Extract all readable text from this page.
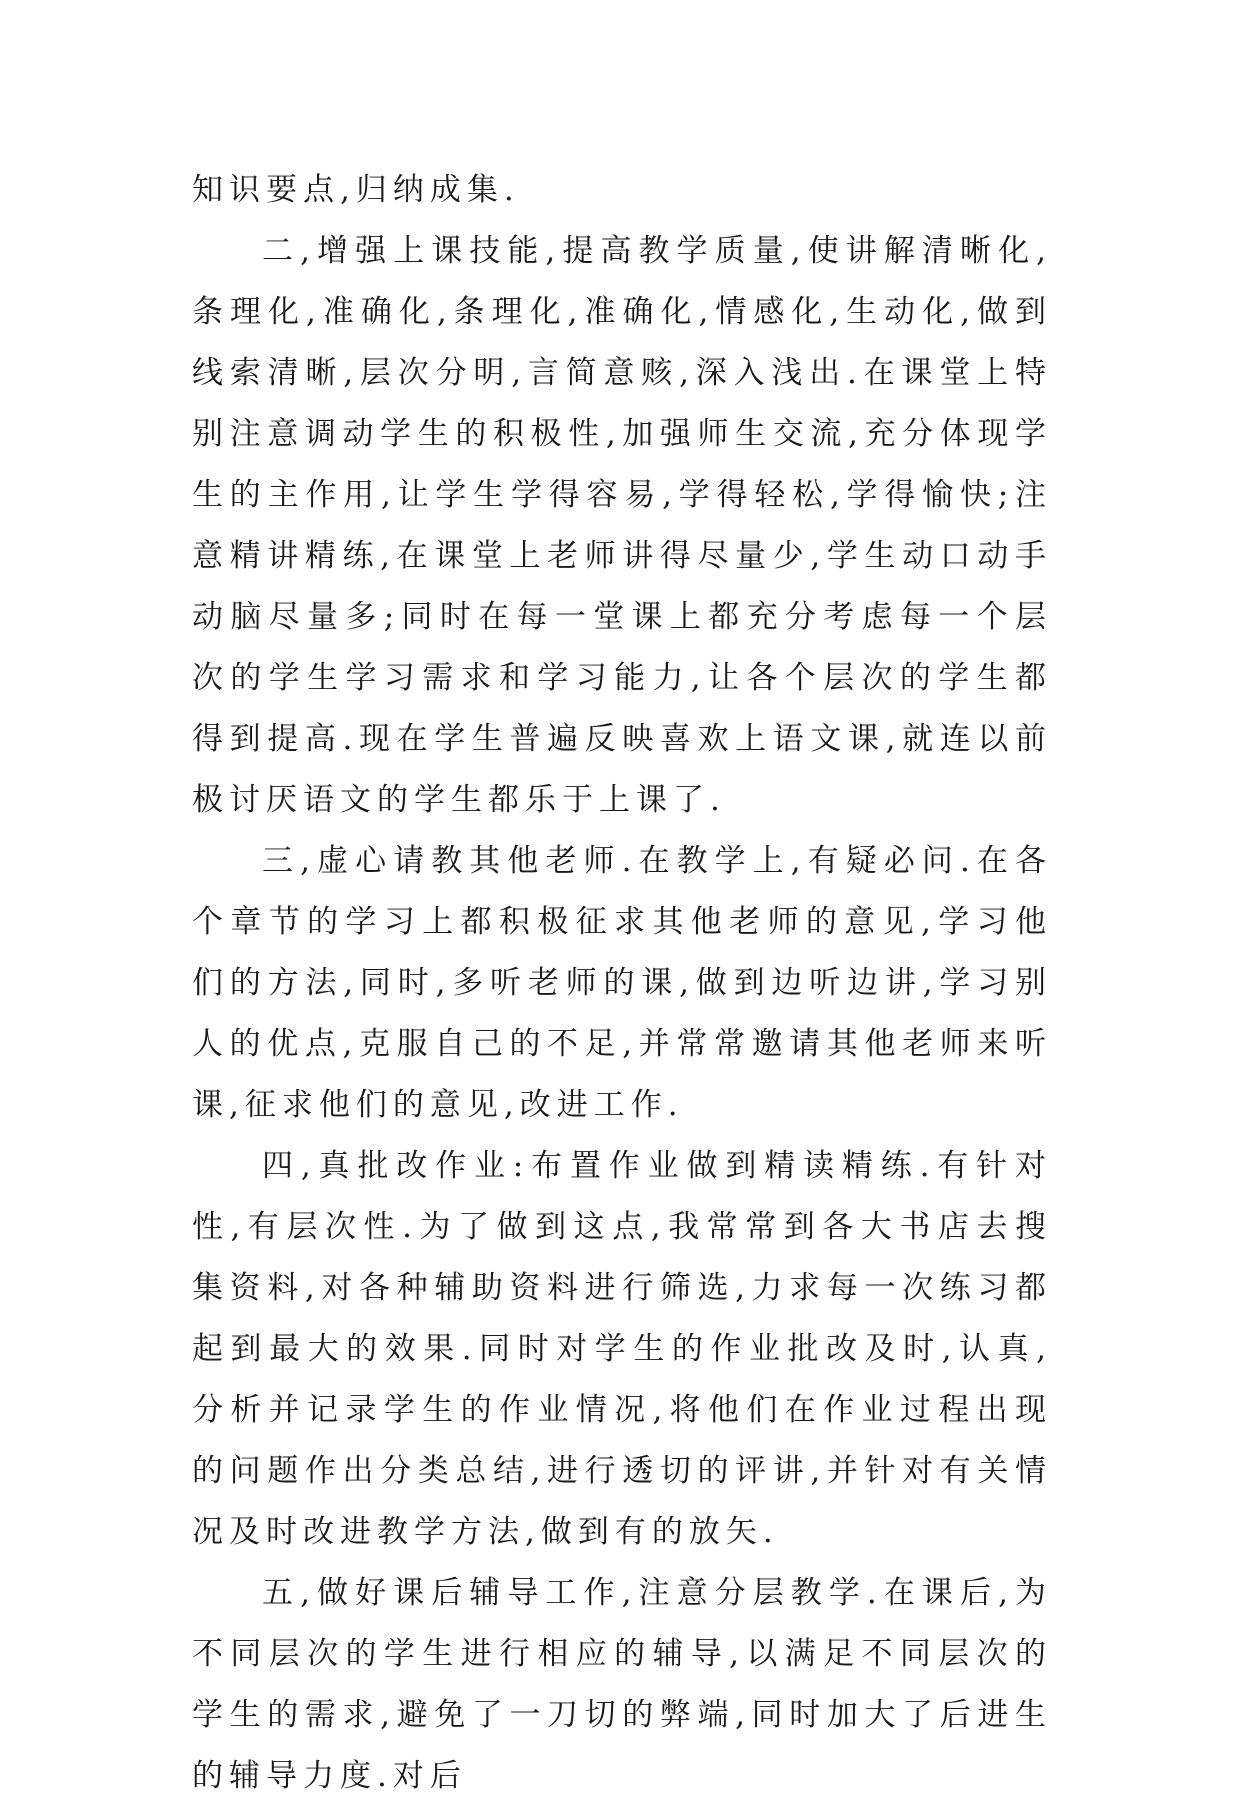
知识要点,归纳成集.

二,增强上课技能,提高教学质量,使讲解清晰化,条理化,准确化,条理化,准确化,情感化,生动化,做到线索清晰,层次分明,言简意赅,深入浅出.在课堂上特别注意调动学生的积极性,加强师生交流,充分体现学生的主作用,让学生学得容易,学得轻松,学得愉快;注意精讲精练,在课堂上老师讲得尽量少,学生动口动手动脑尽量多;同时在每一堂课上都充分考虑每一个层次的学生学习需求和学习能力,让各个层次的学生都得到提高.现在学生普遍反映喜欢上语文课,就连以前极讨厌语文的学生都乐于上课了.

三,虚心请教其他老师.在教学上,有疑必问.在各个章节的学习上都积极征求其他老师的意见,学习他们的方法,同时,多听老师的课,做到边听边讲,学习别人的优点,克服自己的不足,并常常邀请其他老师来听课,征求他们的意见,改进工作.

四,真批改作业:布置作业做到精读精练.有针对性,有层次性.为了做到这点,我常常到各大书店去搜集资料,对各种辅助资料进行筛选,力求每一次练习都起到最大的效果.同时对学生的作业批改及时,认真,分析并记录学生的作业情况,将他们在作业过程出现的问题作出分类总结,进行透切的评讲,并针对有关情况及时改进教学方法,做到有的放矢.

五,做好课后辅导工作,注意分层教学.在课后,为不同层次的学生进行相应的辅导,以满足不同层次的学生的需求,避免了一刀切的弊端,同时加大了后进生的辅导力度.对后
